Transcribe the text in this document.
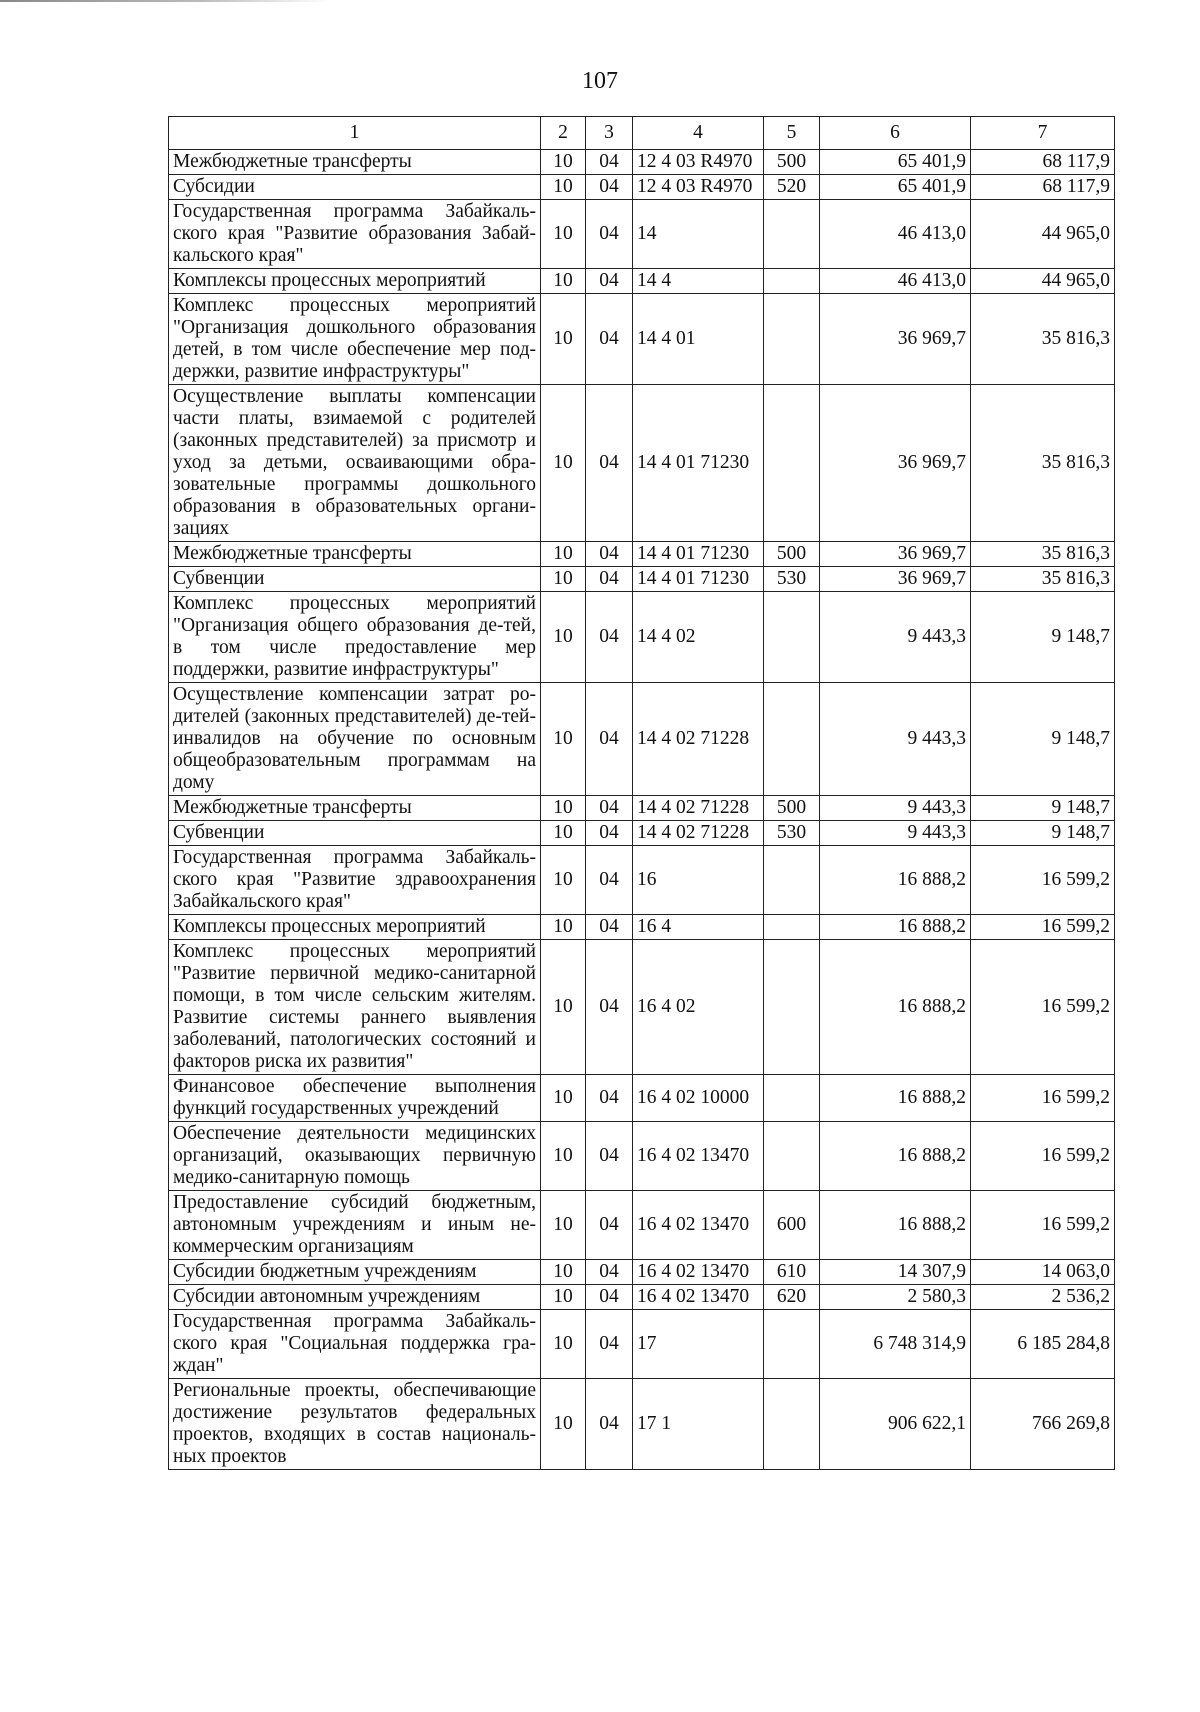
107
1	2	3	4	5	6	7
Межбюджетные трансферты	10	04	12 4 03 R4970	500	65 401,9	68 117,9
Субсидии	10	04	12 4 03 R4970	520	65 401,9	68 117,9
Государственная программа Забайкаль-ского края "Развитие образования Забай-кальского края"	10	04	14		46 413,0	44 965,0
Комплексы процессных мероприятий	10	04	14 4		46 413,0	44 965,0
Комплекс процессных мероприятий "Организация дошкольного образования детей, в том числе обеспечение мер под-держки, развитие инфраструктуры"	10	04	14 4 01		36 969,7	35 816,3
Осуществление выплаты компенсации части платы, взимаемой с родителей (законных представителей) за присмотр и уход за детьми, осваивающими обра-зовательные программы дошкольного образования в образовательных органи-зациях	10	04	14 4 01 71230		36 969,7	35 816,3
Межбюджетные трансферты	10	04	14 4 01 71230	500	36 969,7	35 816,3
Субвенции	10	04	14 4 01 71230	530	36 969,7	35 816,3
Комплекс процессных мероприятий "Организация общего образования де-тей, в том числе предоставление мер поддержки, развитие инфраструктуры"	10	04	14 4 02		9 443,3	9 148,7
Осуществление компенсации затрат ро-дителей (законных представителей) де-тей-инвалидов на обучение по основным общеобразовательным программам на дому	10	04	14 4 02 71228		9 443,3	9 148,7
Межбюджетные трансферты	10	04	14 4 02 71228	500	9 443,3	9 148,7
Субвенции	10	04	14 4 02 71228	530	9 443,3	9 148,7
Государственная программа Забайкаль-ского края "Развитие здравоохранения Забайкальского края"	10	04	16		16 888,2	16 599,2
Комплексы процессных мероприятий	10	04	16 4		16 888,2	16 599,2
Комплекс процессных мероприятий "Развитие первичной медико-санитарной помощи, в том числе сельским жителям. Развитие системы раннего выявления заболеваний, патологических состояний и факторов риска их развития"	10	04	16 4 02		16 888,2	16 599,2
Финансовое обеспечение выполнения функций государственных учреждений	10	04	16 4 02 10000		16 888,2	16 599,2
Обеспечение деятельности медицинских организаций, оказывающих первичную медико-санитарную помощь	10	04	16 4 02 13470		16 888,2	16 599,2
Предоставление субсидий бюджетным, автономным учреждениям и иным не-коммерческим организациям	10	04	16 4 02 13470	600	16 888,2	16 599,2
Субсидии бюджетным учреждениям	10	04	16 4 02 13470	610	14 307,9	14 063,0
Субсидии автономным учреждениям	10	04	16 4 02 13470	620	2 580,3	2 536,2
Государственная программа Забайкаль-ского края "Социальная поддержка гра-ждан"	10	04	17		6 748 314,9	6 185 284,8
Региональные проекты, обеспечивающие достижение результатов федеральных проектов, входящих в состав националь-ных проектов	10	04	17 1		906 622,1	766 269,8
